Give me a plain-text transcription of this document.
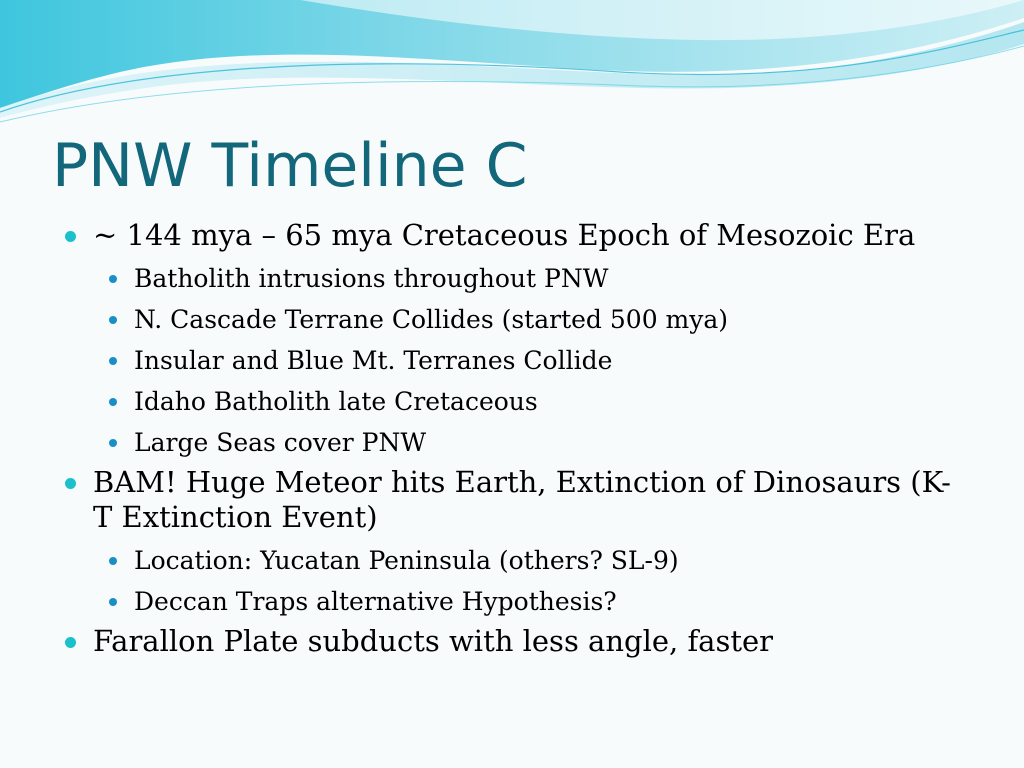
PNW Timeline C
~ 144 mya – 65 mya Cretaceous Epoch of Mesozoic Era
Batholith intrusions throughout PNW
N. Cascade Terrane Collides (started 500 mya)
Insular and Blue Mt. Terranes Collide
Idaho Batholith late Cretaceous
Large Seas cover PNW
BAM! Huge Meteor hits Earth, Extinction of Dinosaurs (K-T Extinction Event)
Location: Yucatan Peninsula (others? SL-9)
Deccan Traps alternative Hypothesis?
Farallon Plate subducts with less angle, faster
